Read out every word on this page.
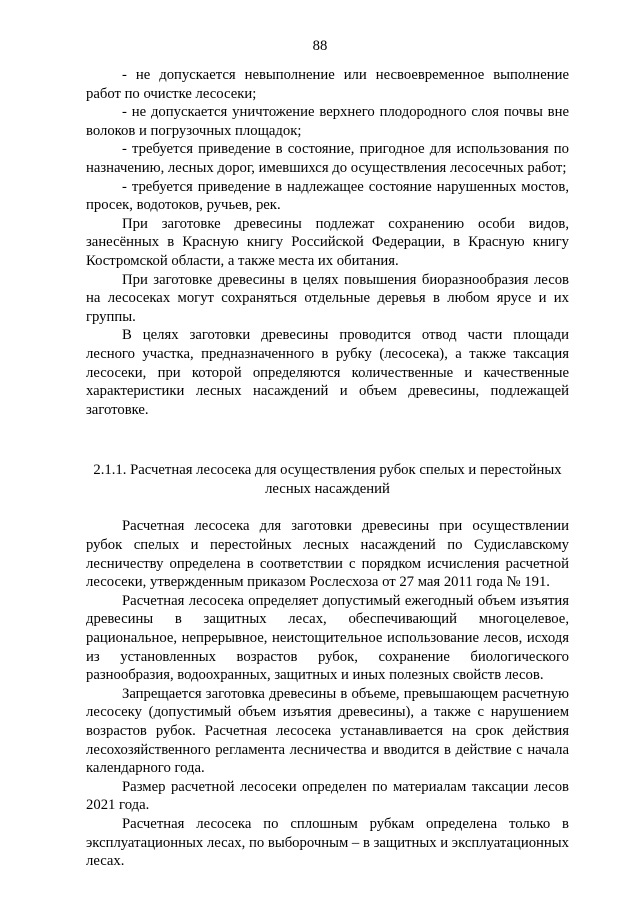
88

- не допускается невыполнение или несвоевременное выполнение работ по очистке лесосеки;

- не допускается уничтожение верхнего плодородного слоя почвы вне волоков и погрузочных площадок;

- требуется приведение в состояние, пригодное для использования по назначению, лесных дорог, имевшихся до осуществления лесосечных работ;

- требуется приведение в надлежащее состояние нарушенных мостов, просек, водотоков, ручьев, рек.

При заготовке древесины подлежат сохранению особи видов, занесённых в Красную книгу Российской Федерации, в Красную книгу Костромской области, а также места их обитания.

При заготовке древесины в целях повышения биоразнообразия лесов на лесосеках могут сохраняться отдельные деревья в любом ярусе и их группы.

В целях заготовки древесины проводится отвод части площади лесного участка, предназначенного в рубку (лесосека), а также таксация лесосеки, при которой определяются количественные и качественные характеристики лесных насаждений и объем древесины, подлежащей заготовке.

2.1.1. Расчетная лесосека для осуществления рубок спелых и перестойных лесных насаждений

Расчетная лесосека для заготовки древесины при осуществлении рубок спелых и перестойных лесных насаждений по Судиславскому лесничеству определена в соответствии с порядком исчисления расчетной лесосеки, утвержденным приказом Рослесхоза от 27 мая 2011 года № 191.

Расчетная лесосека определяет допустимый ежегодный объем изъятия древесины в защитных лесах, обеспечивающий многоцелевое, рациональное, непрерывное, неистощительное использование лесов, исходя из установленных возрастов рубок, сохранение биологического разнообразия, водоохранных, защитных и иных полезных свойств лесов.

Запрещается заготовка древесины в объеме, превышающем расчетную лесосеку (допустимый объем изъятия древесины), а также с нарушением возрастов рубок. Расчетная лесосека устанавливается на срок действия лесохозяйственного регламента лесничества и вводится в действие с начала календарного года.

Размер расчетной лесосеки определен по материалам таксации лесов 2021 года.

Расчетная лесосека по сплошным рубкам определена только в эксплуатационных лесах, по выборочным – в защитных и эксплуатационных лесах.
